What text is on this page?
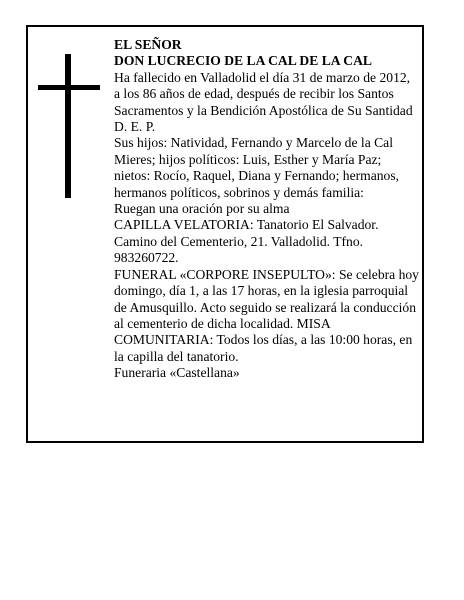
EL SEÑOR
DON LUCRECIO DE LA CAL DE LA CAL
Ha fallecido en Valladolid el día 31 de marzo de 2012,
a los 86 años de edad, después de recibir los Santos
Sacramentos y la Bendición Apostólica de Su Santidad
D. E. P.
Sus hijos: Natividad, Fernando y Marcelo de la Cal
Mieres; hijos políticos: Luis, Esther y María Paz;
nietos: Rocío, Raquel, Diana y Fernando; hermanos,
hermanos políticos, sobrinos y demás familia:
Ruegan una oración por su alma
CAPILLA VELATORIA: Tanatorio El Salvador.
Camino del Cementerio, 21. Valladolid. Tfno.
983260722.
FUNERAL «CORPORE INSEPULTO»: Se celebra hoy
domingo, día 1, a las 17 horas, en la iglesia parroquial
de Amusquillo. Acto seguido se realizará la conducción
al cementerio de dicha localidad. MISA
COMUNITARIA: Todos los días, a las 10:00 horas, en
la capilla del tanatorio.
Funeraria «Castellana»
